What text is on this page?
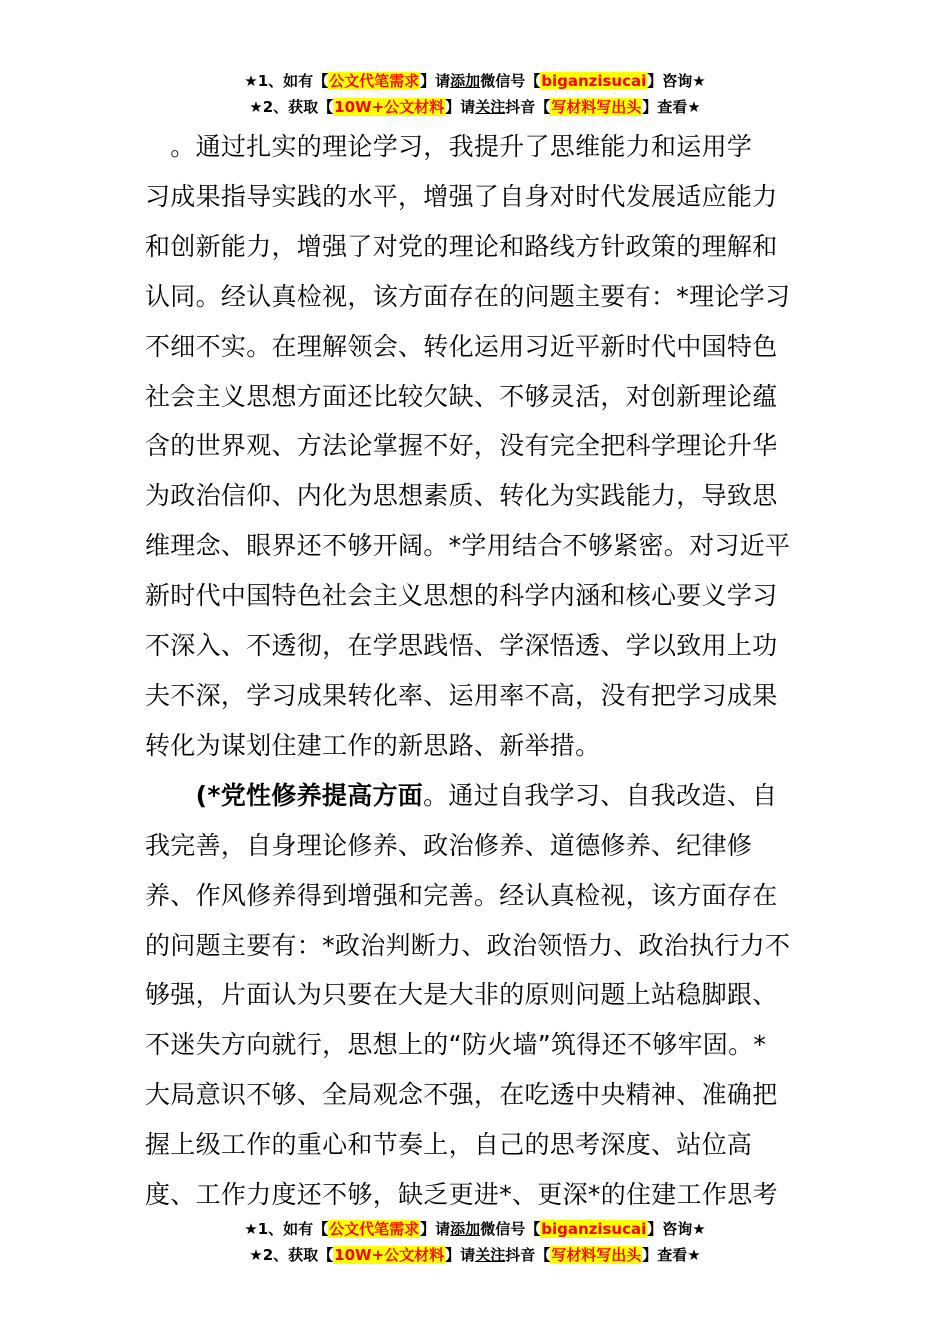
★1、如有【公文代笔需求】请添加微信号【biganzisucai】咨询★
★2、获取【10W+公文材料】请关注抖音【写材料写出头】查看★
　。通过扎实的理论学习，我提升了思维能力和运用学
习成果指导实践的水平，增强了自身对时代发展适应能力
和创新能力，增强了对党的理论和路线方针政策的理解和
认同。经认真检视，该方面存在的问题主要有：*理论学习
不细不实。在理解领会、转化运用习近平新时代中国特色
社会主义思想方面还比较欠缺、不够灵活，对创新理论蕴
含的世界观、方法论掌握不好，没有完全把科学理论升华
为政治信仰、内化为思想素质、转化为实践能力，导致思
维理念、眼界还不够开阔。*学用结合不够紧密。对习近平
新时代中国特色社会主义思想的科学内涵和核心要义学习
不深入、不透彻，在学思践悟、学深悟透、学以致用上功
夫不深，学习成果转化率、运用率不高，没有把学习成果
转化为谋划住建工作的新思路、新举措。
　　(*党性修养提高方面。通过自我学习、自我改造、自
我完善，自身理论修养、政治修养、道德修养、纪律修
养、作风修养得到增强和完善。经认真检视，该方面存在
的问题主要有：*政治判断力、政治领悟力、政治执行力不
够强，片面认为只要在大是大非的原则问题上站稳脚跟、
不迷失方向就行，思想上的“防火墙”筑得还不够牢固。*
大局意识不够、全局观念不强，在吃透中央精神、准确把
握上级工作的重心和节奏上，自己的思考深度、站位高
度、工作力度还不够，缺乏更进*、更深*的住建工作思考
★1、如有【公文代笔需求】请添加微信号【biganzisucai】咨询★
★2、获取【10W+公文材料】请关注抖音【写材料写出头】查看★
